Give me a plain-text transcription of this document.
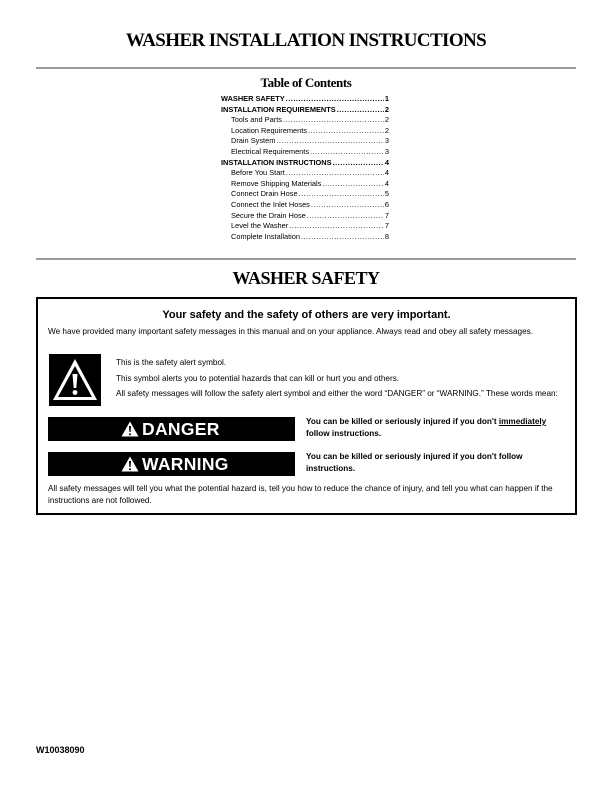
WASHER INSTALLATION INSTRUCTIONS
Table of Contents
WASHER SAFETY .....	1
INSTALLATION REQUIREMENTS .....	2
Tools and Parts .....	2
Location Requirements .....	2
Drain System .....	3
Electrical Requirements .....	3
INSTALLATION INSTRUCTIONS .....	4
Before You Start .....	4
Remove Shipping Materials .....	4
Connect Drain Hose .....	5
Connect the Inlet Hoses .....	6
Secure the Drain Hose .....	7
Level the Washer .....	7
Complete Installation .....	8
WASHER SAFETY
Your safety and the safety of others are very important.
We have provided many important safety messages in this manual and on your appliance. Always read and obey all safety messages.

This is the safety alert symbol.

This symbol alerts you to potential hazards that can kill or hurt you and others.

All safety messages will follow the safety alert symbol and either the word “DANGER” or “WARNING.” These words mean:

DANGER	You can be killed or seriously injured if you don't immediately follow instructions.
WARNING	You can be killed or seriously injured if you don't follow instructions.
All safety messages will tell you what the potential hazard is, tell you how to reduce the chance of injury, and tell you what can happen if the instructions are not followed.
W10038090
